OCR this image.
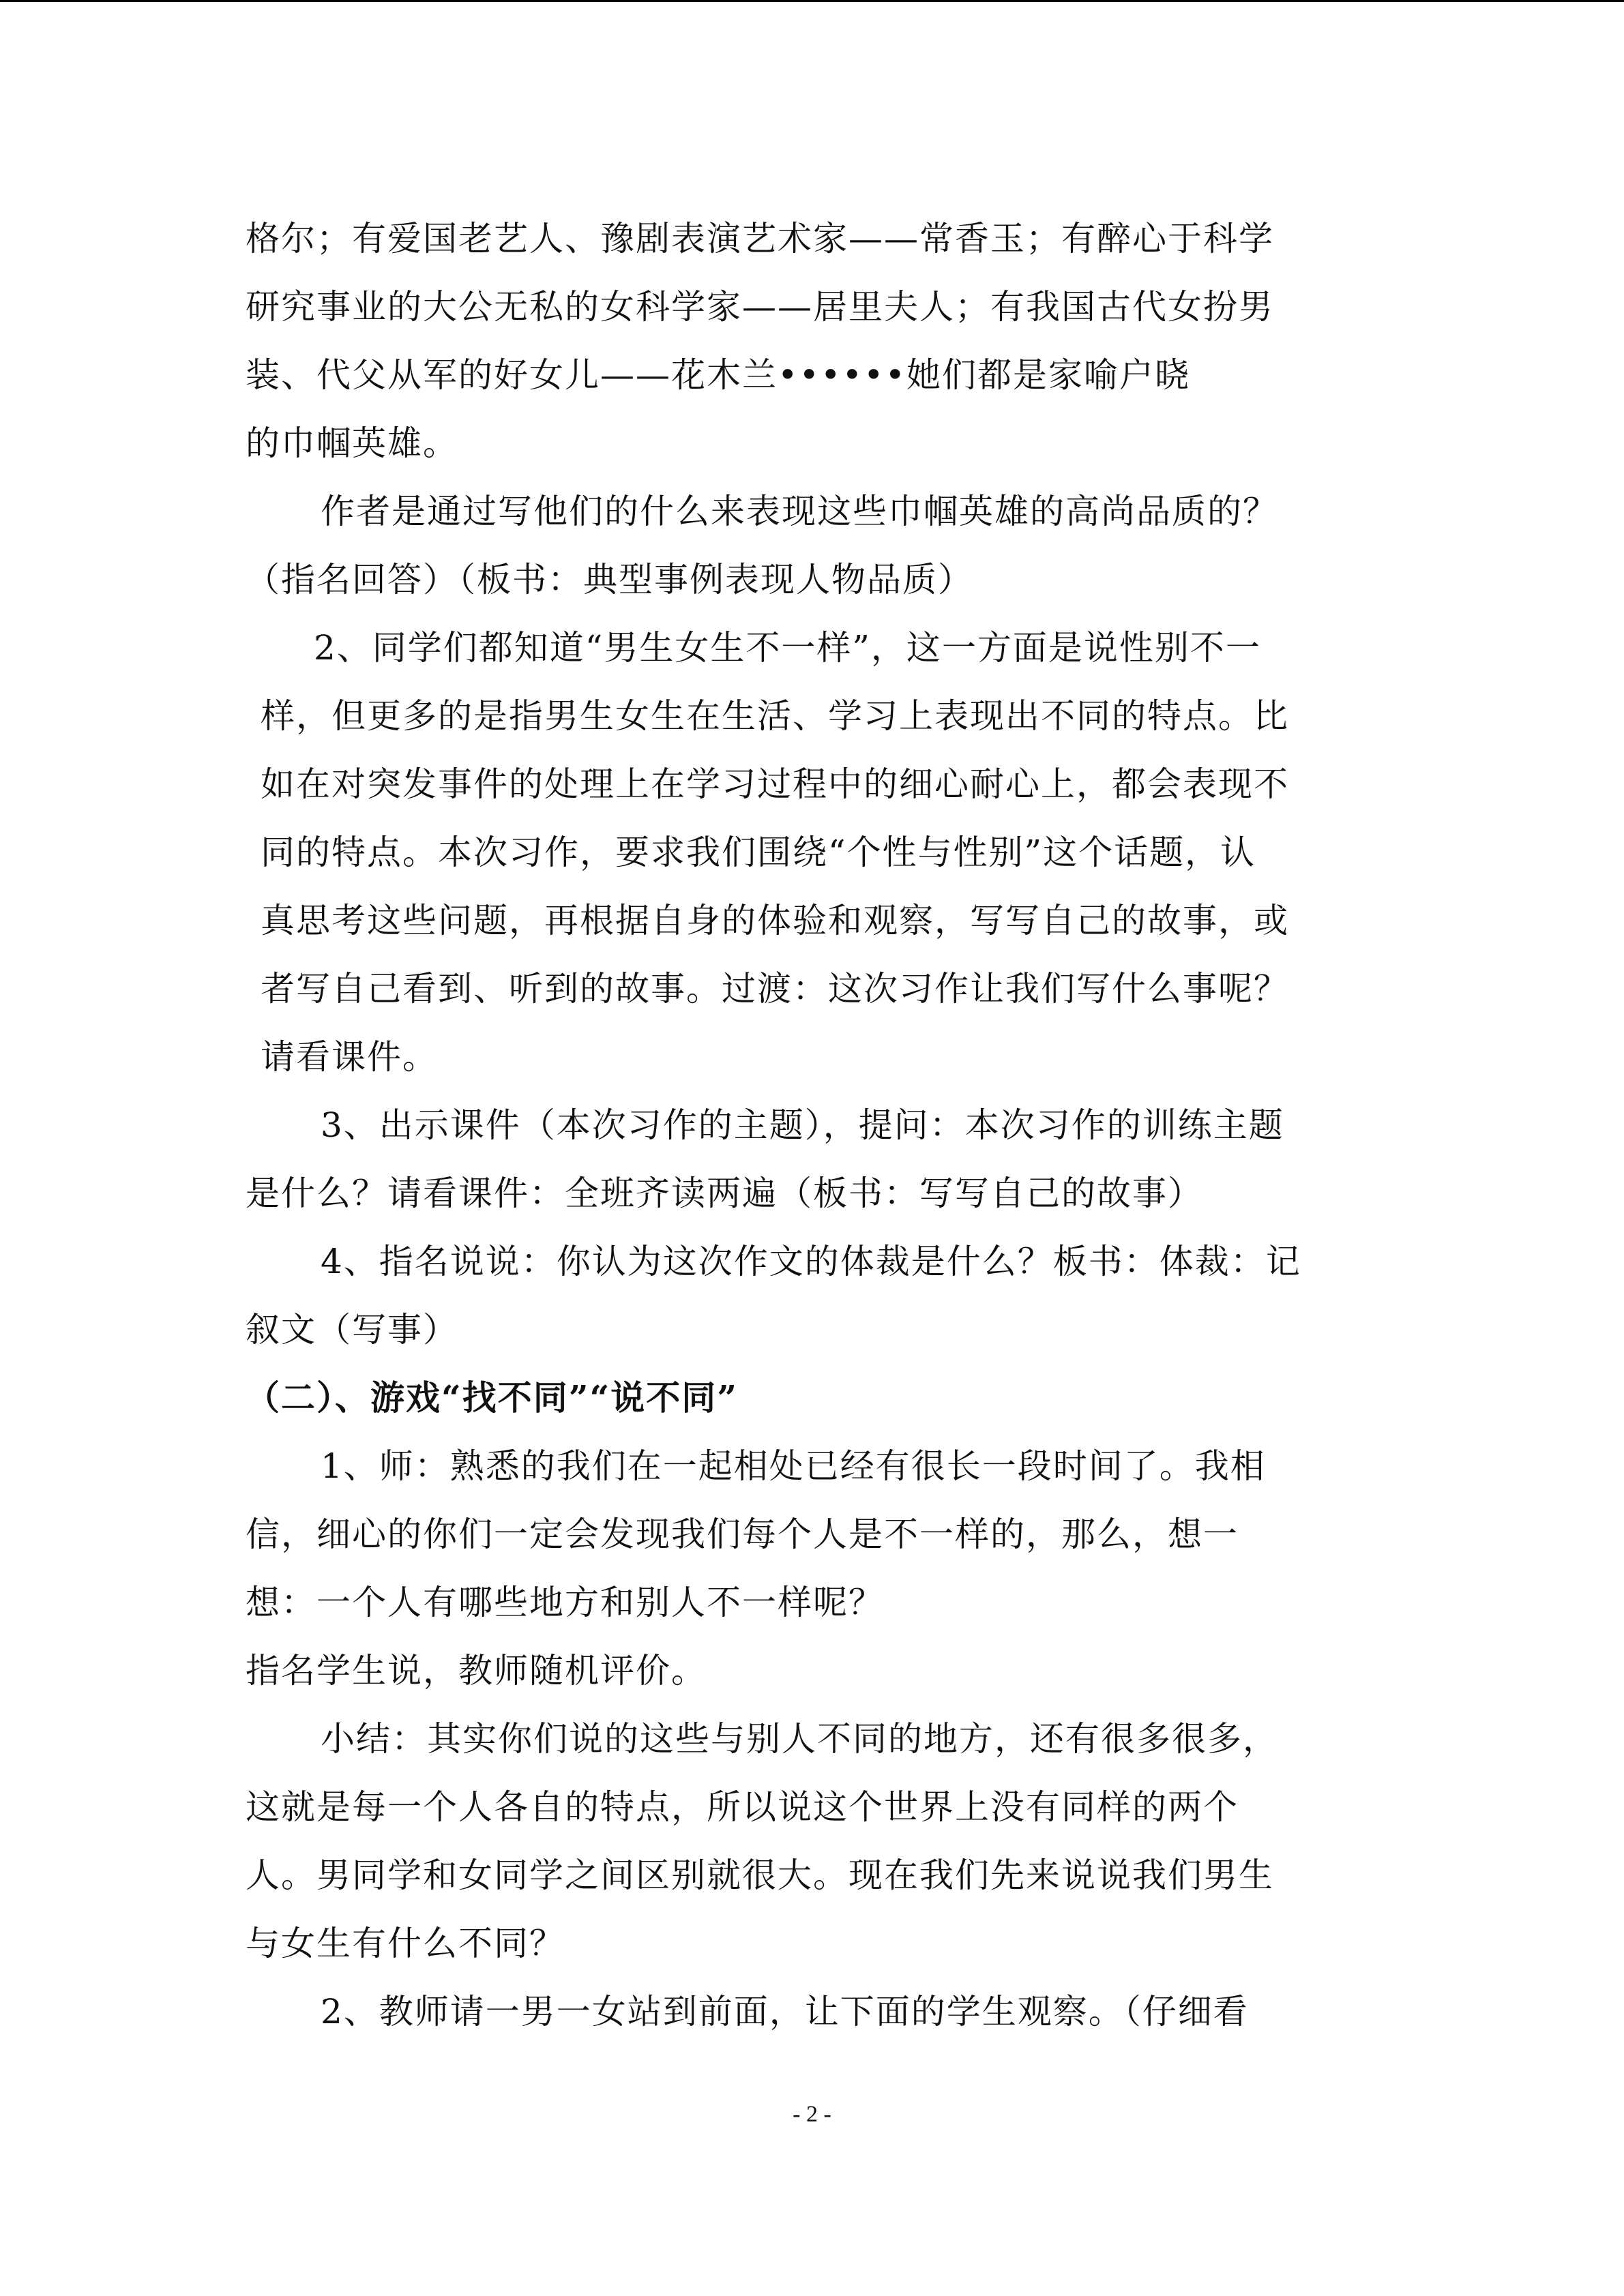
格尔；有爱国老艺人、豫剧表演艺术家——常香玉；有醉心于科学
研究事业的大公无私的女科学家——居里夫人；有我国古代女扮男
装、代父从军的好女儿——花木兰••••••她们都是家喻户晓
的巾帼英雄。
作者是通过写他们的什么来表现这些巾帼英雄的高尚品质的？
（指名回答）（板书：典型事例表现人物品质）
2、同学们都知道“男生女生不一样”，这一方面是说性别不一
样，但更多的是指男生女生在生活、学习上表现出不同的特点。比
如在对突发事件的处理上在学习过程中的细心耐心上，都会表现不
同的特点。本次习作，要求我们围绕“个性与性别”这个话题，认
真思考这些问题，再根据自身的体验和观察，写写自己的故事，或
者写自己看到、听到的故事。过渡：这次习作让我们写什么事呢？
请看课件。
3、出示课件（本次习作的主题），提问：本次习作的训练主题
是什么？请看课件：全班齐读两遍（板书：写写自己的故事）
4、指名说说：你认为这次作文的体裁是什么？板书：体裁：记
叙文（写事）
（二）、游戏“找不同”“说不同”
1、师：熟悉的我们在一起相处已经有很长一段时间了。我相
信，细心的你们一定会发现我们每个人是不一样的，那么，想一
想：一个人有哪些地方和别人不一样呢？
指名学生说，教师随机评价。
小结：其实你们说的这些与别人不同的地方，还有很多很多，
这就是每一个人各自的特点，所以说这个世界上没有同样的两个
人。男同学和女同学之间区别就很大。现在我们先来说说我们男生
与女生有什么不同？
2、教师请一男一女站到前面，让下面的学生观察。（仔细看
- 2 -
